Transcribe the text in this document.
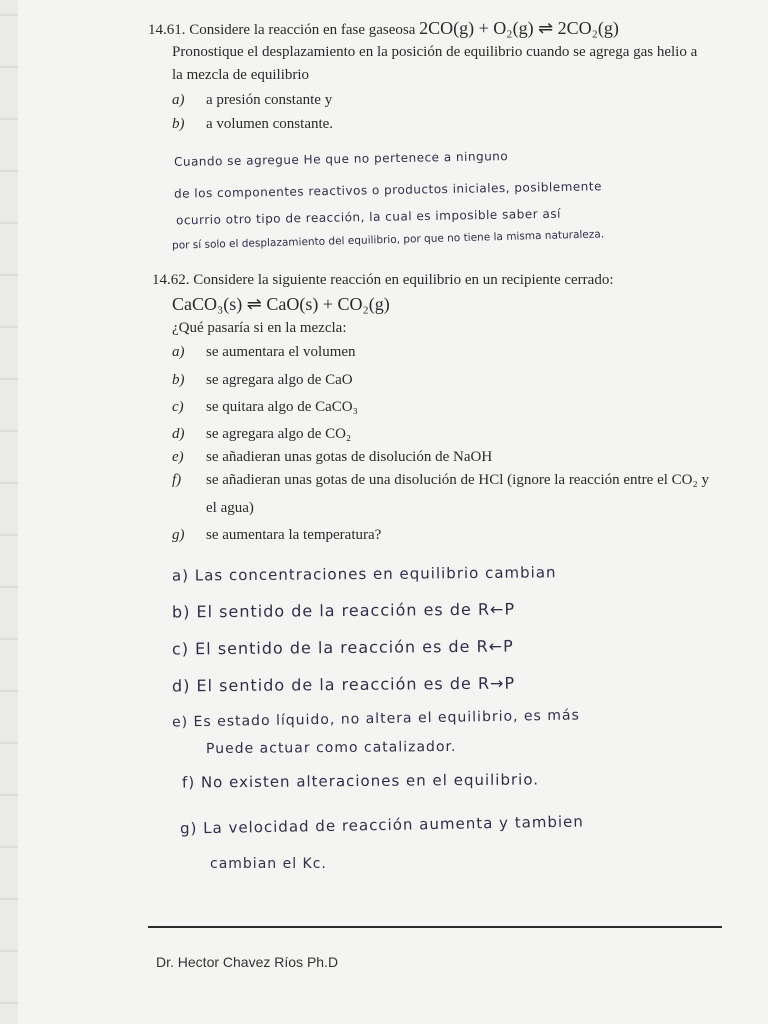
14.61. Considere la reacción en fase gaseosa 2CO(g) + O₂(g) ⇌ 2CO₂(g)
Pronostique el desplazamiento en la posición de equilibrio cuando se agrega gas helio a
la mezcla de equilibrio
a) a presión constante y
b) a volumen constante.
Cuando se agregue He que no pertenece a ninguno
de los componentes reactivos o productos iniciales, posiblemente
ocurrio otro tipo de reacción, la cual es imposible saber así
por sí solo el desplazamiento del equilibrio, por que no tiene la misma naturaleza.
14.62. Considere la siguiente reacción en equilibrio en un recipiente cerrado:
CaCO₃(s) ⇌ CaO(s) + CO₂(g)
¿Qué pasaría si en la mezcla:
a) se aumentara el volumen
b) se agregara algo de CaO
c) se quitara algo de CaCO₃
d) se agregara algo de CO₂
e) se añadieran unas gotas de disolución de NaOH
f) se añadieran unas gotas de una disolución de HCl (ignore la reacción entre el CO₂ y
el agua)
g) se aumentara la temperatura?
a) Las concentraciones en equilibrio cambian
b) El sentido de la reacción es de R←P
c) El sentido de la reacción es de R←P
d) El sentido de la reacción es de R→P
e) Es estado líquido, no altera el equilibrio, es más
Puede actuar como catalizador.
f) No existen alteraciones en el equilibrio.
g) La velocidad de reacción aumenta y tambien
cambian el Kc.
Dr. Hector Chavez Ríos Ph.D
